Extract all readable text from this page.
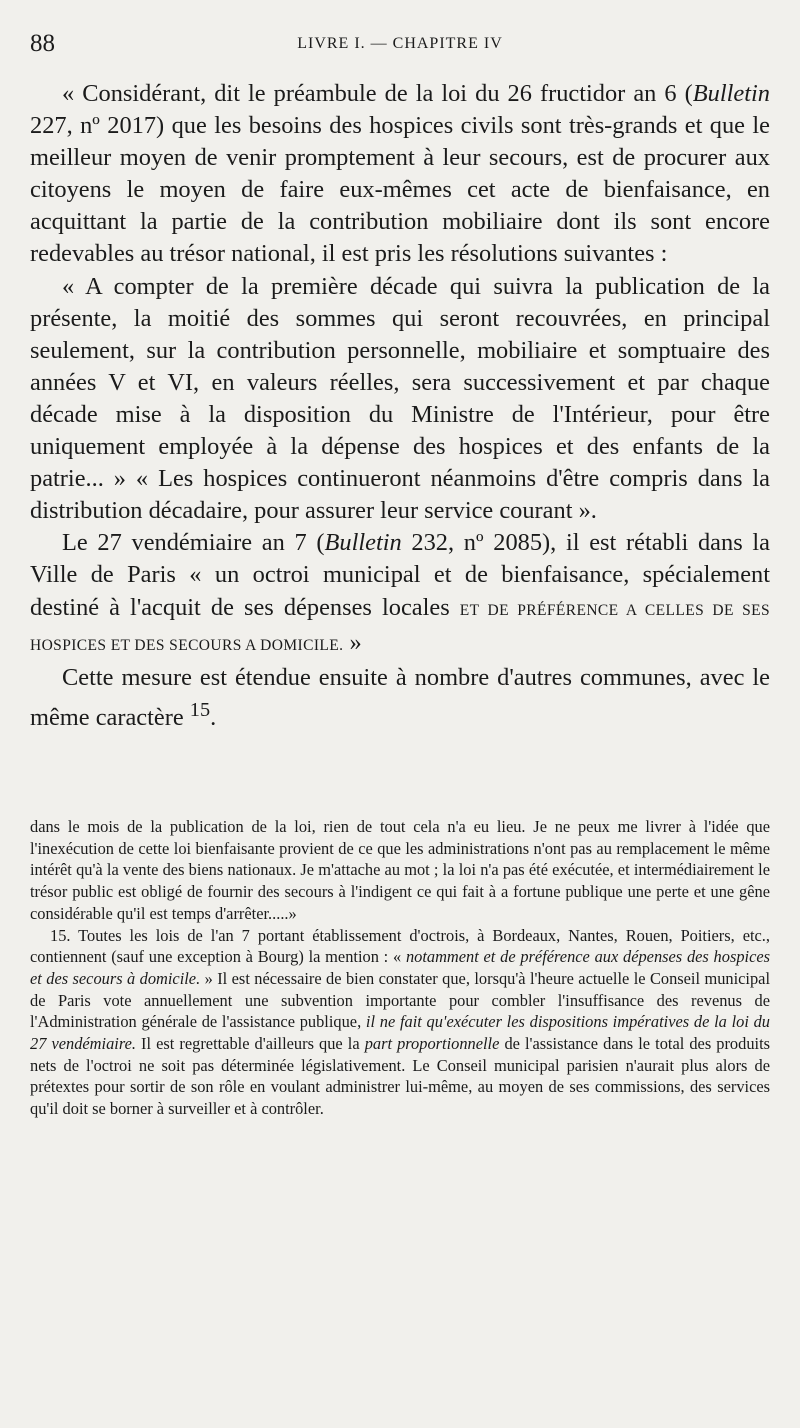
88	LIVRE I. — CHAPITRE IV

« Considérant, dit le préambule de la loi du 26 fructidor an 6 (Bulletin 227, nº 2017) que les besoins des hospices civils sont très-grands et que le meilleur moyen de venir promptement à leur secours, est de procurer aux citoyens le moyen de faire eux-mêmes cet acte de bienfaisance, en acquittant la partie de la contribution mobiliaire dont ils sont encore redevables au trésor national, il est pris les résolutions suivantes :

« A compter de la première décade qui suivra la publication de la présente, la moitié des sommes qui seront recouvrées, en principal seulement, sur la contribution personnelle, mobiliaire et somptuaire des années V et VI, en valeurs réelles, sera successivement et par chaque décade mise à la disposition du Ministre de l'Intérieur, pour être uniquement employée à la dépense des hospices et des enfants de la patrie... » « Les hospices continueront néanmoins d'être compris dans la distribution décadaire, pour assurer leur service courant ».

Le 27 vendémiaire an 7 (Bulletin 232, nº 2085), il est rétabli dans la Ville de Paris « un octroi municipal et de bienfaisance, spécialement destiné à l'acquit de ses dépenses locales ET DE PRÉFÉRENCE A CELLES DE SES HOSPICES ET DES SECOURS A DOMICILE. »

Cette mesure est étendue ensuite à nombre d'autres communes, avec le même caractère $^{15}$.

dans le mois de la publication de la loi, rien de tout cela n'a eu lieu. Je ne peux me livrer à l'idée que l'inexécution de cette loi bienfaisante provient de ce que les administrations n'ont pas au remplacement le même intérêt qu'à la vente des biens nationaux. Je m'attache au mot ; la loi n'a pas été exécutée, et intermédiairement le trésor public est obligé de fournir des secours à l'indigent ce qui fait à a fortune publique une perte et une gêne considérable qu'il est temps d'arrêter.....»

15. Toutes les lois de l'an 7 portant établissement d'octrois, à Bordeaux, Nantes, Rouen, Poitiers, etc., contiennent (sauf une exception à Bourg) la mention : « notamment et de préférence aux dépenses des hospices et des secours à domicile. » Il est nécessaire de bien constater que, lorsqu'à l'heure actuelle le Conseil municipal de Paris vote annuellement une subvention importante pour combler l'insuffisance des revenus de l'Administration générale de l'assistance publique, il ne fait qu'exécuter les dispositions impératives de la loi du 27 vendémiaire. Il est regrettable d'ailleurs que la part proportionnelle de l'assistance dans le total des produits nets de l'octroi ne soit pas déterminée législativement. Le Conseil municipal parisien n'aurait plus alors de prétextes pour sortir de son rôle en voulant administrer lui-même, au moyen de ses commissions, des services qu'il doit se borner à surveiller et à contrôler.
